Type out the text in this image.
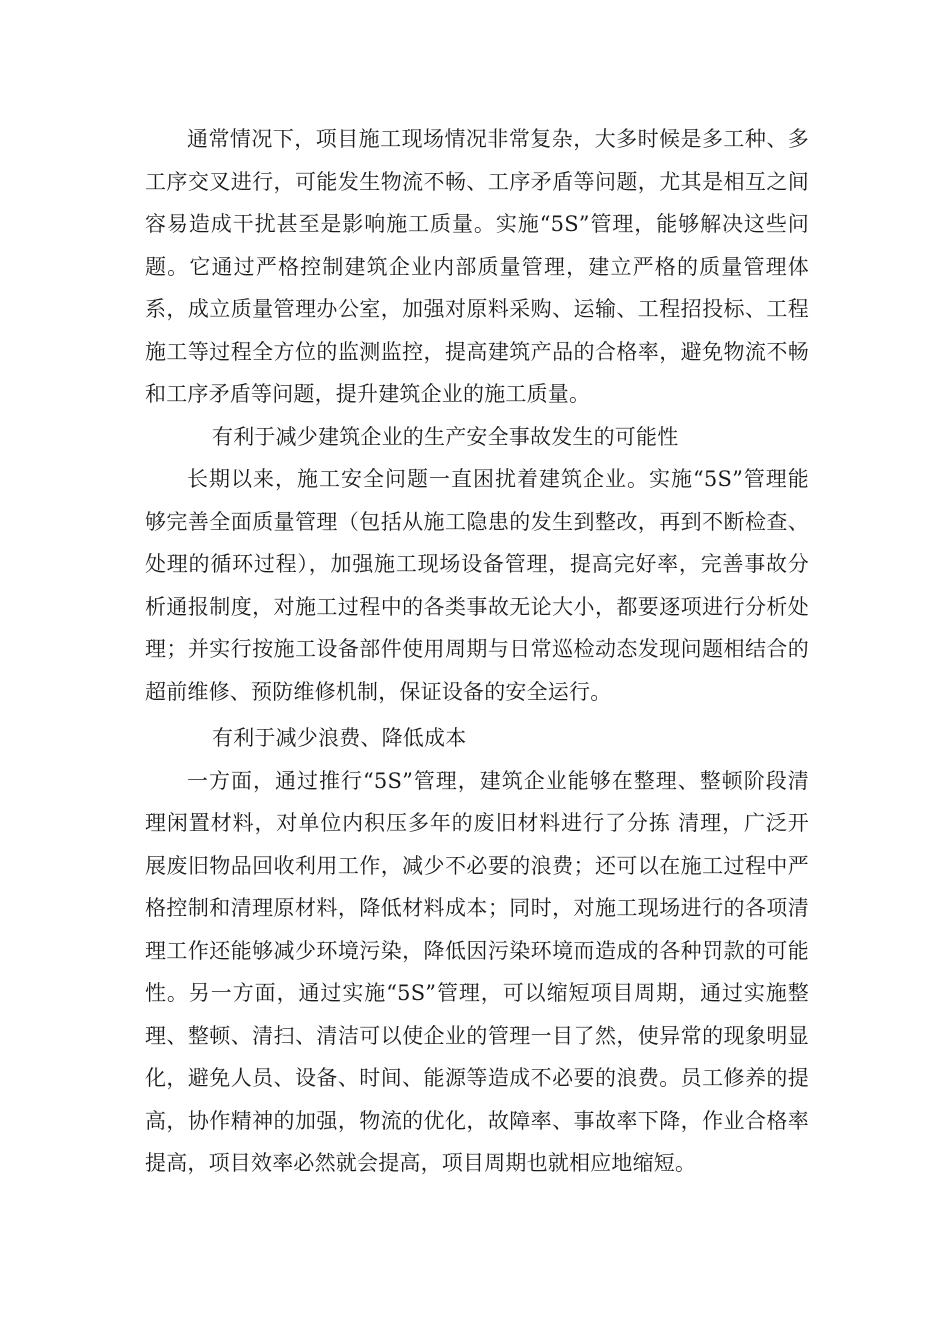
通常情况下，项目施工现场情况非常复杂，大多时候是多工种、多工序交叉进行，可能发生物流不畅、工序矛盾等问题，尤其是相互之间容易造成干扰甚至是影响施工质量。实施“5S”管理，能够解决这些问题。它通过严格控制建筑企业内部质量管理，建立严格的质量管理体系，成立质量管理办公室，加强对原料采购、运输、工程招投标、工程施工等过程全方位的监测监控，提高建筑产品的合格率，避免物流不畅和工序矛盾等问题，提升建筑企业的施工质量。

有利于减少建筑企业的生产安全事故发生的可能性

长期以来，施工安全问题一直困扰着建筑企业。实施“5S”管理能够完善全面质量管理（包括从施工隐患的发生到整改，再到不断检查、处理的循环过程），加强施工现场设备管理，提高完好率，完善事故分析通报制度，对施工过程中的各类事故无论大小，都要逐项进行分析处理；并实行按施工设备部件使用周期与日常巡检动态发现问题相结合的超前维修、预防维修机制，保证设备的安全运行。

有利于减少浪费、降低成本

一方面，通过推行“5S”管理，建筑企业能够在整理、整顿阶段清理闲置材料，对单位内积压多年的废旧材料进行了分拣 清理，广泛开展废旧物品回收利用工作，减少不必要的浪费；还可以在施工过程中严格控制和清理原材料，降低材料成本；同时，对施工现场进行的各项清理工作还能够减少环境污染，降低因污染环境而造成的各种罚款的可能性。另一方面，通过实施“5S”管理，可以缩短项目周期，通过实施整理、整顿、清扫、清洁可以使企业的管理一目了然，使异常的现象明显化，避免人员、设备、时间、能源等造成不必要的浪费。员工修养的提高，协作精神的加强，物流的优化，故障率、事故率下降，作业合格率提高，项目效率必然就会提高，项目周期也就相应地缩短。
